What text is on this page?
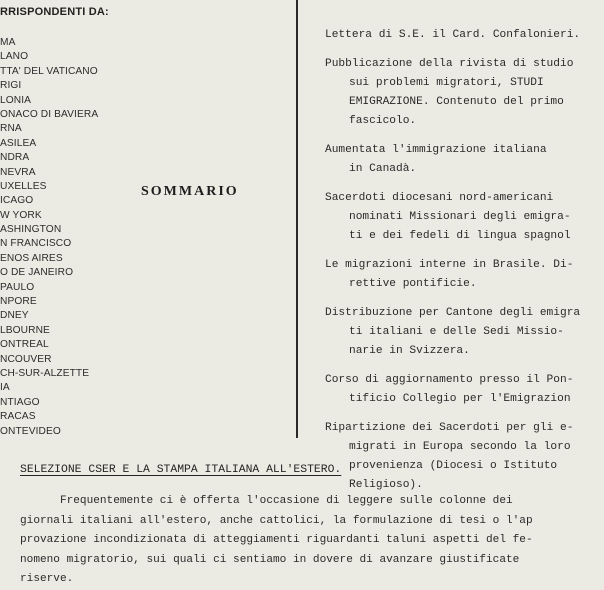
RRISPONDENTI DA:
MA
LANO
TTA' DEL VATICANO
RIGI
LONIA
ONACO DI BAVIERA
RNA
ASILEA
NDRA
NEVRA
UXELLES
ICAGO
W YORK
ASHINGTON
N FRANCISCO
ENOS AIRES
O DE JANEIRO
PAULO
NPORE
DNEY
LBOURNE
ONTREAL
NCOUVER
CH-SUR-ALZETTE
IA
NTIAGO
RACAS
ONTEVIDEO
SOMMARIO
Lettera di S.E. il Card. Confalonieri.
Pubblicazione della rivista di studio
sui problemi migratori, STUDI
EMIGRAZIONE. Contenuto del primo
fascicolo.
Aumentata l'immigrazione italiana
in Canadà.
Sacerdoti diocesani nord-americani
nominati Missionari degli emigra-
ti e dei fedeli di lingua spagnol
Le migrazioni interne in Brasile. Di-
rettive pontificie.
Distribuzione per Cantone degli emigra
ti italiani e delle Sedi Missio-
narie in Svizzera.
Corso di aggiornamento presso il Pon-
tificio Collegio per l'Emigrazion
Ripartizione dei Sacerdoti per gli e-
migrati in Europa secondo la loro
provenienza (Diocesi o Istituto
Religioso).
SELEZIONE CSER E LA STAMPA ITALIANA ALL'ESTERO.
Frequentemente ci è offerta l'occasione di leggere sulle colonne dei
giornali italiani all'estero, anche cattolici, la formulazione di tesi o l'ap
provazione incondizionata di atteggiamenti riguardanti taluni aspetti del fe-
nomeno migratorio, sui quali ci sentiamo in dovere di avanzare giustificate
riserve.
